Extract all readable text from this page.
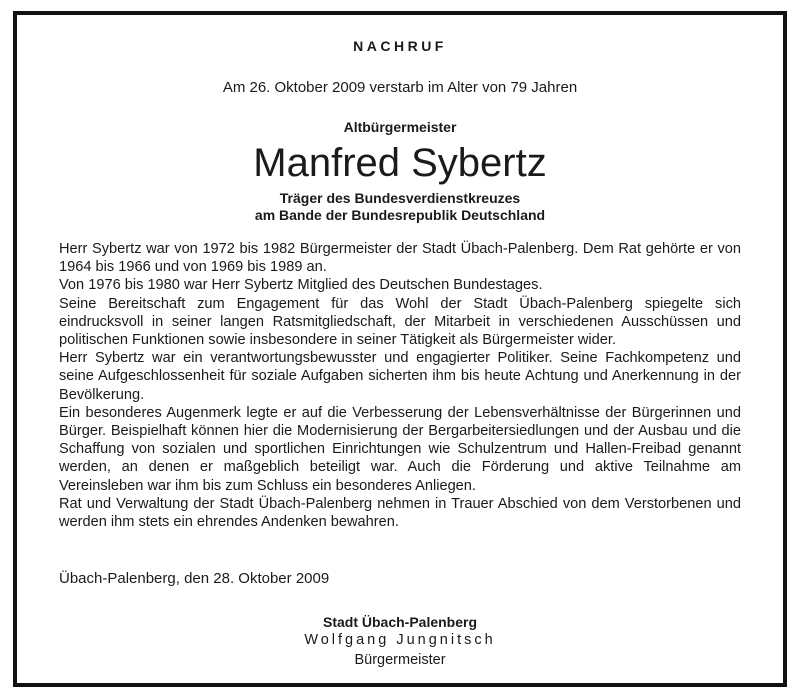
NACHRUF
Am 26. Oktober 2009 verstarb im Alter von 79 Jahren
Altbürgermeister
Manfred Sybertz
Träger des Bundesverdienstkreuzes
am Bande der Bundesrepublik Deutschland

Herr Sybertz war von 1972 bis 1982 Bürgermeister der Stadt Übach-Palenberg. Dem Rat gehörte er von 1964 bis 1966 und von 1969 bis 1989 an.

Von 1976 bis 1980 war Herr Sybertz Mitglied des Deutschen Bundestages.

Seine Bereitschaft zum Engagement für das Wohl der Stadt Übach-Palenberg spiegelte sich eindrucksvoll in seiner langen Ratsmitgliedschaft, der Mitarbeit in verschiedenen Ausschüssen und politischen Funktionen sowie insbesondere in seiner Tätigkeit als Bürgermeister wider.

Herr Sybertz war ein verantwortungsbewusster und engagierter Politiker. Seine Fachkompetenz und seine Aufgeschlossenheit für soziale Aufgaben sicherten ihm bis heute Achtung und Anerkennung in der Bevölkerung.

Ein besonderes Augenmerk legte er auf die Verbesserung der Lebensverhältnisse der Bürgerinnen und Bürger. Beispielhaft können hier die Modernisierung der Bergarbeitersiedlungen und der Ausbau und die Schaffung von sozialen und sportlichen Einrichtungen wie Schulzentrum und Hallen-Freibad genannt werden, an denen er maßgeblich beteiligt war. Auch die Förderung und aktive Teilnahme am Vereinsleben war ihm bis zum Schluss ein besonderes Anliegen.

Rat und Verwaltung der Stadt Übach-Palenberg nehmen in Trauer Abschied von dem Verstorbenen und werden ihm stets ein ehrendes Andenken bewahren.

Übach-Palenberg, den 28. Oktober 2009
Stadt Übach-Palenberg
Wolfgang Jungnitsch
Bürgermeister
